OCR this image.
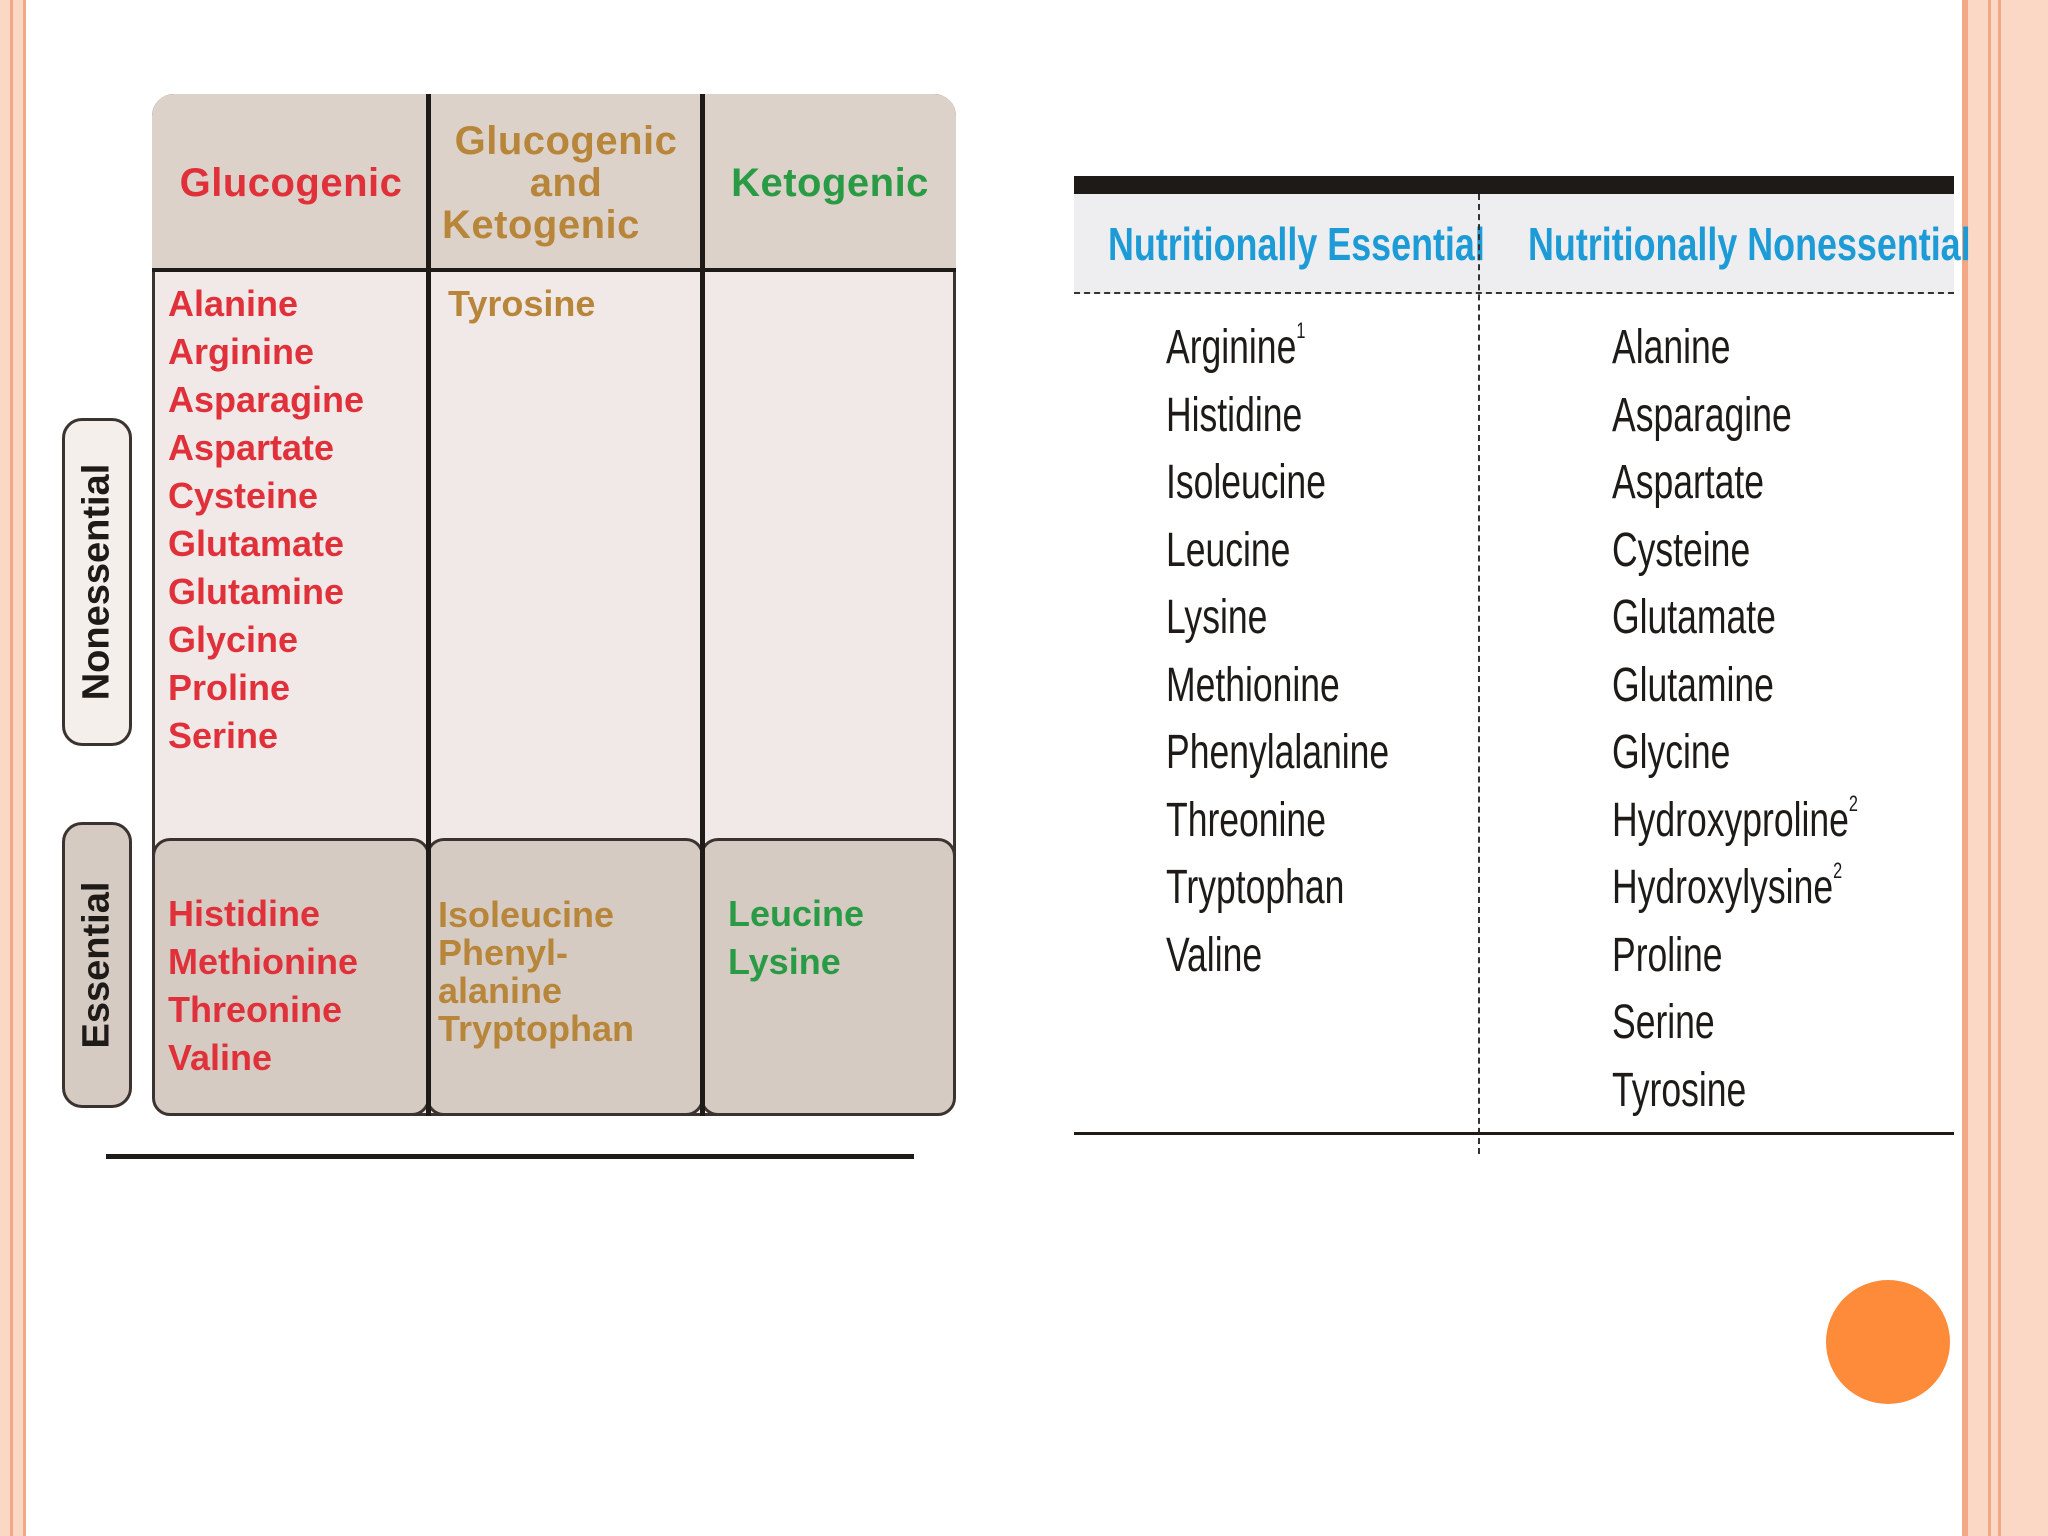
Glucogenic
Glucogenic
and
Ketogenic
Ketogenic
Alanine
Arginine
Asparagine
Aspartate
Cysteine
Glutamate
Glutamine
Glycine
Proline
Serine
Tyrosine
Histidine
Methionine
Threonine
Valine
Isoleucine
Phenyl-
alanine
Tryptophan
Leucine
Lysine
Nonessential
Essential
Nutritionally Essential Nutritionally Nonessential
Arginine$^1$
Histidine
Isoleucine
Leucine
Lysine
Methionine
Phenylalanine
Threonine
Tryptophan
Valine
Alanine
Asparagine
Aspartate
Cysteine
Glutamate
Glutamine
Glycine
Hydroxyproline$^2$
Hydroxylysine$^2$
Proline
Serine
Tyrosine
